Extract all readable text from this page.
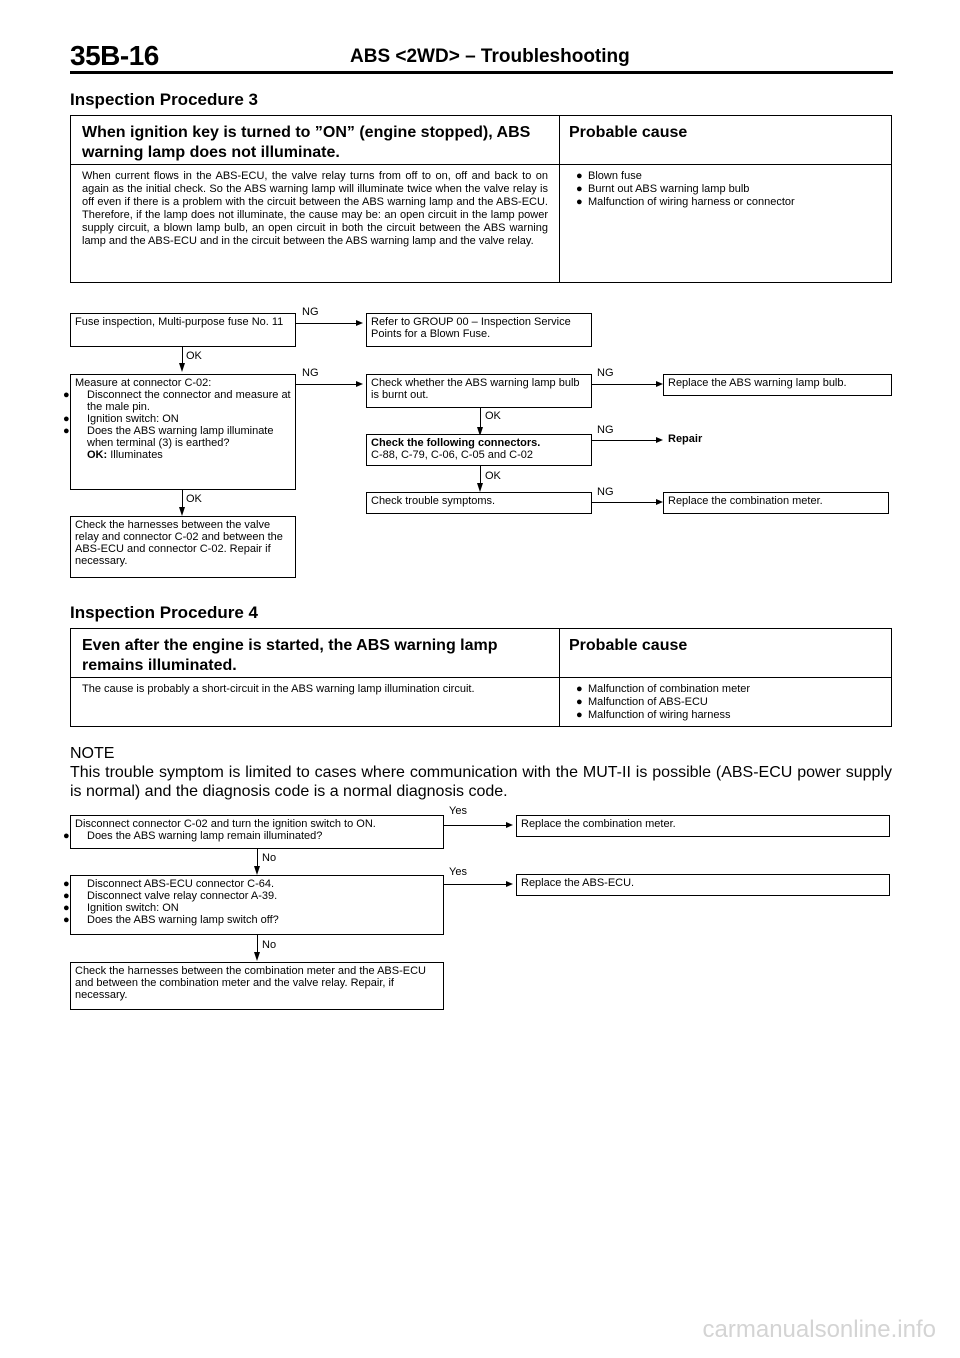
35B-16	ABS <2WD> – Troubleshooting
Inspection Procedure 3
When ignition key is turned to ”ON” (engine stopped), ABS warning lamp does not illuminate.
Probable cause
When current flows in the ABS-ECU, the valve relay turns from off to on, off and back to on again as the initial check. So the ABS warning lamp will illuminate twice when the valve relay is off even if there is a problem with the circuit between the ABS warning lamp and the ABS-ECU. Therefore, if the lamp does not illuminate, the cause may be: an open circuit in the lamp power supply circuit, a blown lamp bulb, an open circuit in both the circuit between the ABS warning lamp and the ABS-ECU and in the circuit between the ABS warning lamp and the valve relay.
● Blown fuse
● Burnt out ABS warning lamp bulb
● Malfunction of wiring harness or connector
Fuse inspection, Multi-purpose fuse No. 11
NG
Refer to GROUP 00 – Inspection Service Points for a Blown Fuse.
OK
Measure at connector C-02:
● Disconnect the connector and measure at the male pin.
● Ignition switch: ON
● Does the ABS warning lamp illuminate when terminal (3) is earthed?
OK: Illuminates
NG
Check whether the ABS warning lamp bulb is burnt out.
NG
Replace the ABS warning lamp bulb.
OK
Check the following connectors.
C-88, C-79, C-06, C-05 and C-02
NG
Repair
OK
Check trouble symptoms.
NG
Replace the combination meter.
OK
Check the harnesses between the valve relay and connector C-02 and between the ABS-ECU and connector C-02. Repair if necessary.
Inspection Procedure 4
Even after the engine is started, the ABS warning lamp remains illuminated.
Probable cause
The cause is probably a short-circuit in the ABS warning lamp illumination circuit.	● Malfunction of combination meter
● Malfunction of ABS-ECU
● Malfunction of wiring harness
NOTE
This trouble symptom is limited to cases where communication with the MUT-II is possible (ABS-ECU power supply is normal) and the diagnosis code is a normal diagnosis code.
Disconnect connector C-02 and turn the ignition switch to ON.
● Does the ABS warning lamp remain illuminated?
Yes
Replace the combination meter.
No
● Disconnect ABS-ECU connector C-64.
● Disconnect valve relay connector A-39.
● Ignition switch: ON
● Does the ABS warning lamp switch off?
Yes
Replace the ABS-ECU.
No
Check the harnesses between the combination meter and the ABS-ECU and between the combination meter and the valve relay. Repair, if necessary.
carmanualsonline.info
